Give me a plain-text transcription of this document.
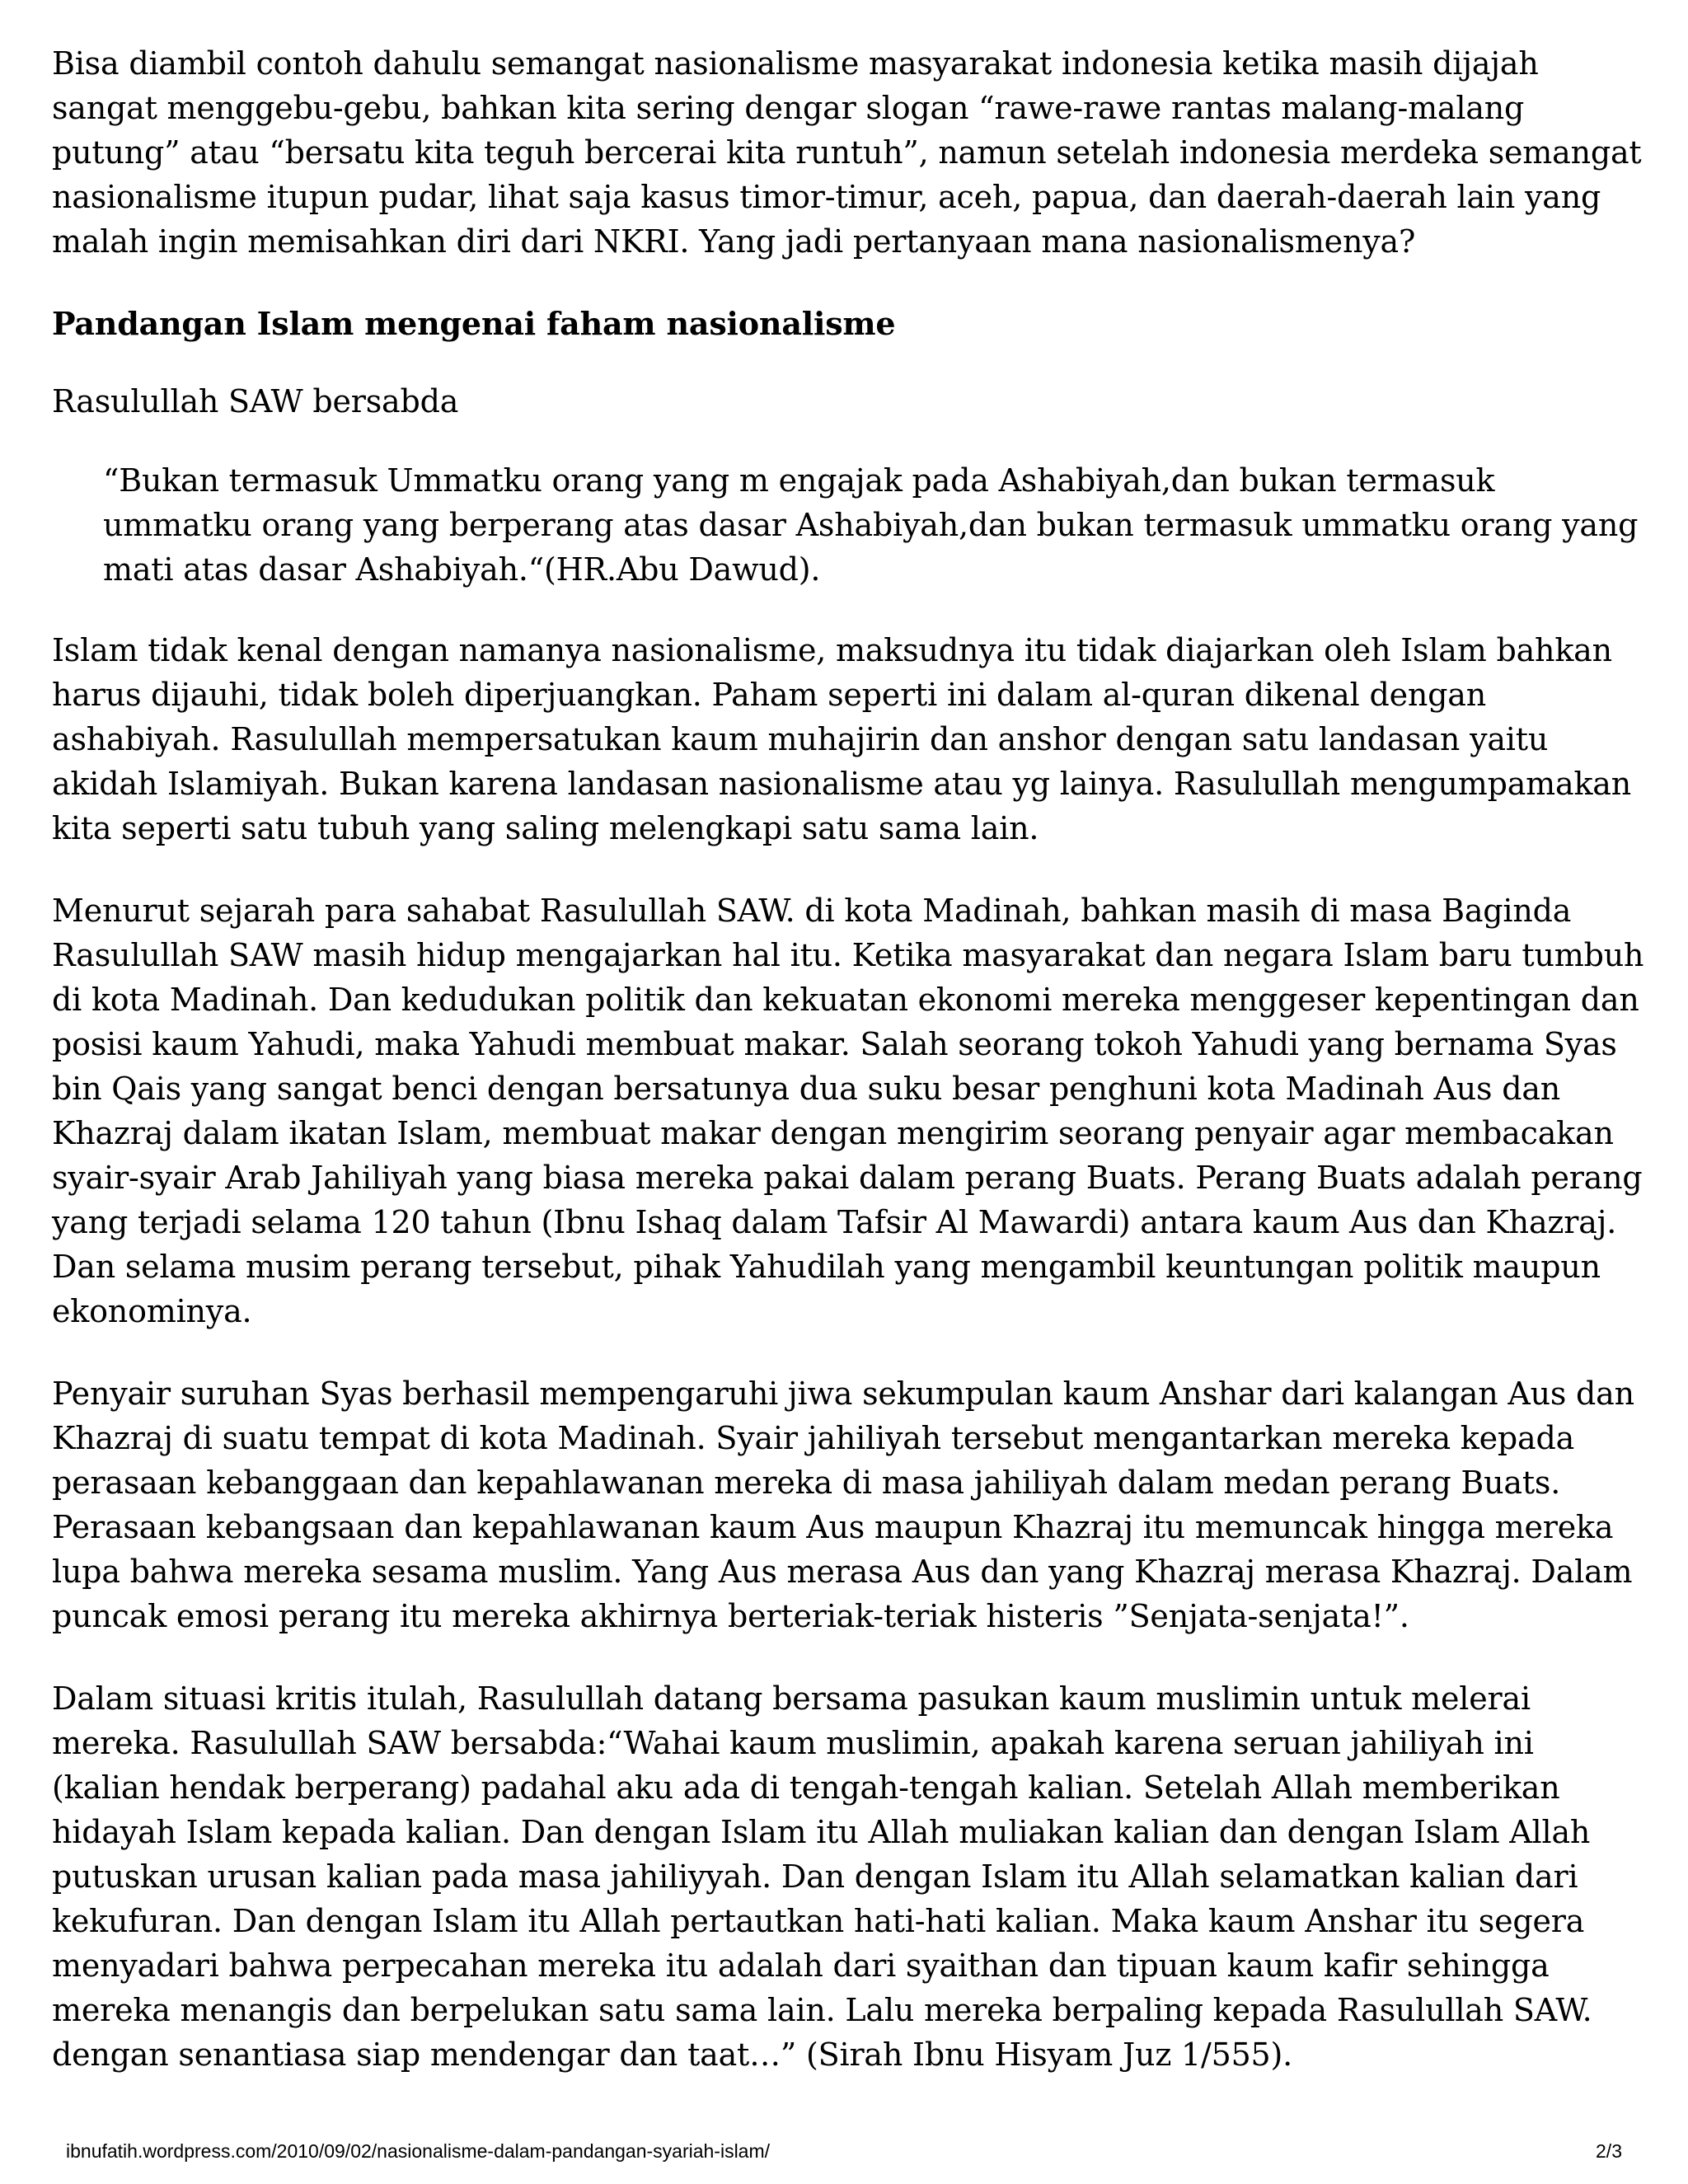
Bisa diambil contoh dahulu semangat nasionalisme masyarakat indonesia ketika masih dijajah sangat menggebu-gebu, bahkan kita sering dengar slogan “rawe-rawe rantas malang-malang putung” atau “bersatu kita teguh bercerai kita runtuh”, namun setelah indonesia merdeka semangat nasionalisme itupun pudar, lihat saja kasus timor-timur, aceh, papua, dan daerah-daerah lain yang malah ingin memisahkan diri dari NKRI. Yang jadi pertanyaan mana nasionalismenya?

Pandangan Islam mengenai faham nasionalisme

Rasulullah SAW bersabda

“Bukan termasuk Ummatku orang yang m engajak pada Ashabiyah,dan bukan termasuk ummatku orang yang berperang atas dasar Ashabiyah,dan bukan termasuk ummatku orang yang mati atas dasar Ashabiyah.“(HR.Abu Dawud).

Islam tidak kenal dengan namanya nasionalisme, maksudnya itu tidak diajarkan oleh Islam bahkan harus dijauhi, tidak boleh diperjuangkan. Paham seperti ini dalam al-quran dikenal dengan ashabiyah. Rasulullah mempersatukan kaum muhajirin dan anshor dengan satu landasan yaitu akidah Islamiyah. Bukan karena landasan nasionalisme atau yg lainya. Rasulullah mengumpamakan kita seperti satu tubuh yang saling melengkapi satu sama lain.

Menurut sejarah para sahabat Rasulullah SAW. di kota Madinah, bahkan masih di masa Baginda Rasulullah SAW masih hidup mengajarkan hal itu. Ketika masyarakat dan negara Islam baru tumbuh di kota Madinah. Dan kedudukan politik dan kekuatan ekonomi mereka menggeser kepentingan dan posisi kaum Yahudi, maka Yahudi membuat makar. Salah seorang tokoh Yahudi yang bernama Syas bin Qais yang sangat benci dengan bersatunya dua suku besar penghuni kota Madinah Aus dan Khazraj dalam ikatan Islam, membuat makar dengan mengirim seorang penyair agar membacakan syair-syair Arab Jahiliyah yang biasa mereka pakai dalam perang Buats. Perang Buats adalah perang yang terjadi selama 120 tahun (Ibnu Ishaq dalam Tafsir Al Mawardi) antara kaum Aus dan Khazraj. Dan selama musim perang tersebut, pihak Yahudilah yang mengambil keuntungan politik maupun ekonominya.

Penyair suruhan Syas berhasil mempengaruhi jiwa sekumpulan kaum Anshar dari kalangan Aus dan Khazraj di suatu tempat di kota Madinah. Syair jahiliyah tersebut mengantarkan mereka kepada perasaan kebanggaan dan kepahlawanan mereka di masa jahiliyah dalam medan perang Buats. Perasaan kebangsaan dan kepahlawanan kaum Aus maupun Khazraj itu memuncak hingga mereka lupa bahwa mereka sesama muslim. Yang Aus merasa Aus dan yang Khazraj merasa Khazraj. Dalam puncak emosi perang itu mereka akhirnya berteriak-teriak histeris ”Senjata-senjata!”.

Dalam situasi kritis itulah, Rasulullah datang bersama pasukan kaum muslimin untuk melerai mereka. Rasulullah SAW bersabda:“Wahai kaum muslimin, apakah karena seruan jahiliyah ini (kalian hendak berperang) padahal aku ada di tengah-tengah kalian. Setelah Allah memberikan hidayah Islam kepada kalian. Dan dengan Islam itu Allah muliakan kalian dan dengan Islam Allah putuskan urusan kalian pada masa jahiliyyah. Dan dengan Islam itu Allah selamatkan kalian dari kekufuran. Dan dengan Islam itu Allah pertautkan hati-hati kalian. Maka kaum Anshar itu segera menyadari bahwa perpecahan mereka itu adalah dari syaithan dan tipuan kaum kafir sehingga mereka menangis dan berpelukan satu sama lain. Lalu mereka berpaling kepada Rasulullah SAW. dengan senantiasa siap mendengar dan taat…” (Sirah Ibnu Hisyam Juz 1/555).

ibnufatih.wordpress.com/2010/09/02/nasionalisme-dalam-pandangan-syariah-islam/	2/3
